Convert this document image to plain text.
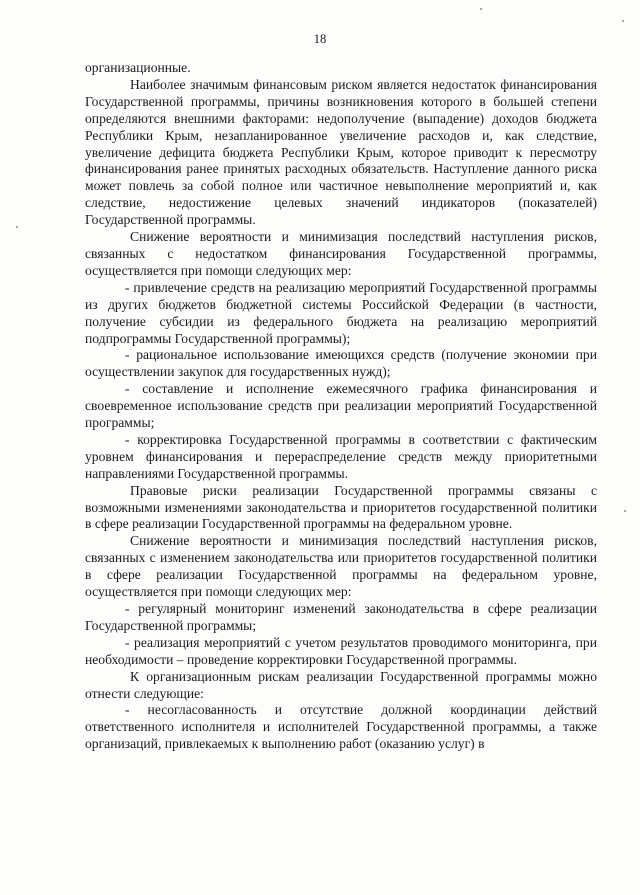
18

организационные.

Наиболее значимым финансовым риском является недостаток финансирования Государственной программы, причины возникновения которого в большей степени определяются внешними факторами: недополучение (выпадение) доходов бюджета Республики Крым, незапланированное увеличение расходов и, как следствие, увеличение дефицита бюджета Республики Крым, которое приводит к пересмотру финансирования ранее принятых расходных обязательств. Наступление данного риска может повлечь за собой полное или частичное невыполнение мероприятий и, как следствие, недостижение целевых значений индикаторов (показателей) Государственной программы.

Снижение вероятности и минимизация последствий наступления рисков, связанных с недостатком финансирования Государственной программы, осуществляется при помощи следующих мер:

- привлечение средств на реализацию мероприятий Государственной программы из других бюджетов бюджетной системы Российской Федерации (в частности, получение субсидии из федерального бюджета на реализацию мероприятий подпрограммы Государственной программы);

- рациональное использование имеющихся средств (получение экономии при осуществлении закупок для государственных нужд);

- составление и исполнение ежемесячного графика финансирования и своевременное использование средств при реализации мероприятий Государственной программы;

- корректировка Государственной программы в соответствии с фактическим уровнем финансирования и перераспределение средств между приоритетными направлениями Государственной программы.

Правовые риски реализации Государственной программы связаны с возможными изменениями законодательства и приоритетов государственной политики в сфере реализации Государственной программы на федеральном уровне.

Снижение вероятности и минимизация последствий наступления рисков, связанных с изменением законодательства или приоритетов государственной политики в сфере реализации Государственной программы на федеральном уровне, осуществляется при помощи следующих мер:

- регулярный мониторинг изменений законодательства в сфере реализации Государственной программы;

- реализация мероприятий с учетом результатов проводимого мониторинга, при необходимости – проведение корректировки Государственной программы.

К организационным рискам реализации Государственной программы можно отнести следующие:

- несогласованность и отсутствие должной координации действий ответственного исполнителя и исполнителей Государственной программы, а также организаций, привлекаемых к выполнению работ (оказанию услуг) в
